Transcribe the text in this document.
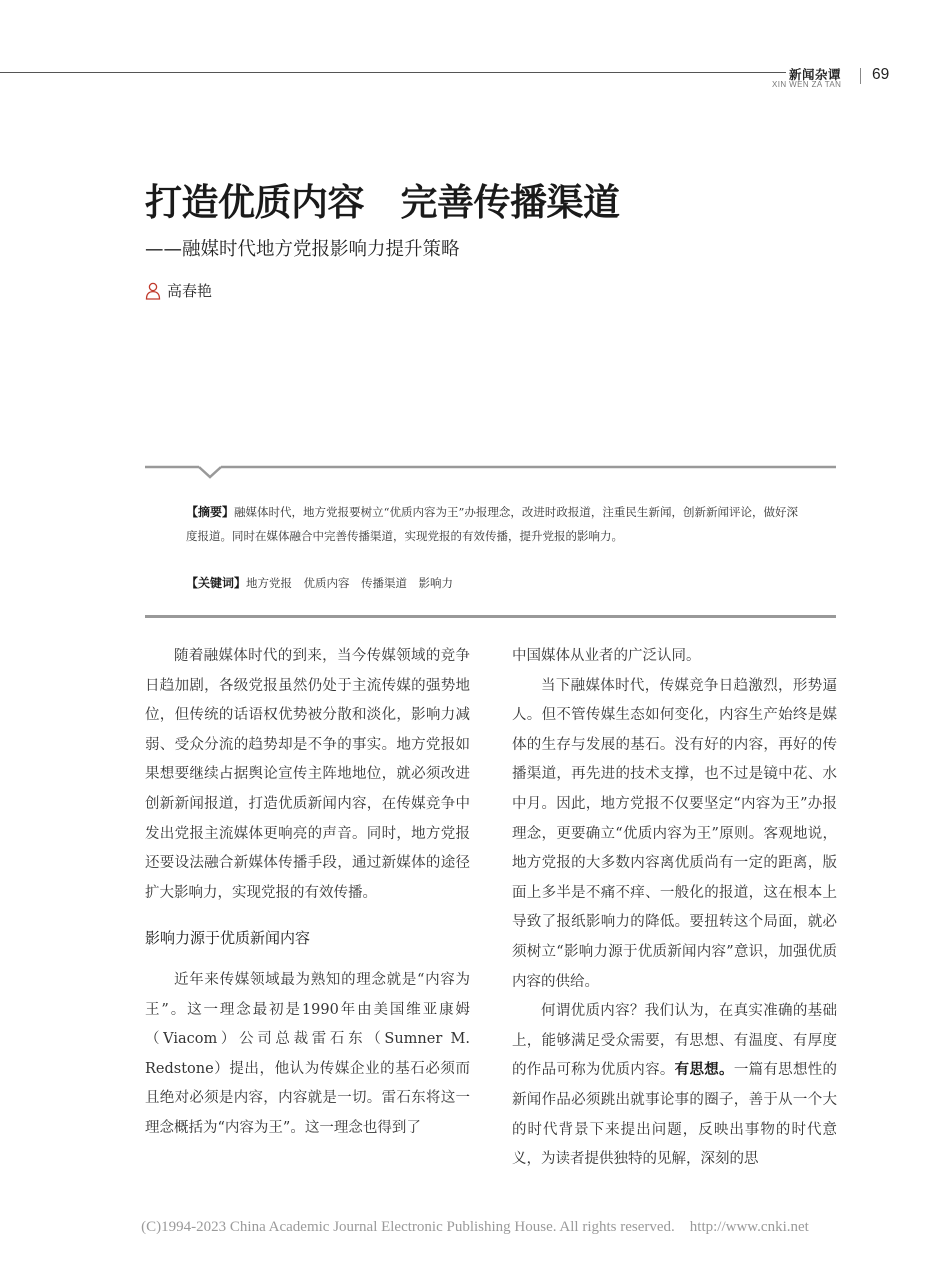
新闻杂谭
XIN WEN ZA TAN
69
打造优质内容　完善传播渠道
——融媒时代地方党报影响力提升策略
高春艳
【摘要】融媒体时代，地方党报要树立“优质内容为王”办报理念，改进时政报道，注重民生新闻，创新新闻评论，做好深度报道。同时在媒体融合中完善传播渠道，实现党报的有效传播，提升党报的影响力。
【关键词】地方党报　优质内容　传播渠道　影响力

随着融媒体时代的到来，当今传媒领域的竞争日趋加剧，各级党报虽然仍处于主流传媒的强势地位，但传统的话语权优势被分散和淡化，影响力减弱、受众分流的趋势却是不争的事实。地方党报如果想要继续占据舆论宣传主阵地地位，就必须改进创新新闻报道，打造优质新闻内容，在传媒竞争中发出党报主流媒体更响亮的声音。同时，地方党报还要设法融合新媒体传播手段，通过新媒体的途径扩大影响力，实现党报的有效传播。

影响力源于优质新闻内容

近年来传媒领域最为熟知的理念就是“内容为王”。这一理念最初是1990年由美国维亚康姆（Viacom）公司总裁雷石东（Sumner M. Redstone）提出，他认为传媒企业的基石必须而且绝对必须是内容，内容就是一切。雷石东将这一理念概括为“内容为王”。这一理念也得到了

中国媒体从业者的广泛认同。

当下融媒体时代，传媒竞争日趋激烈，形势逼人。但不管传媒生态如何变化，内容生产始终是媒体的生存与发展的基石。没有好的内容，再好的传播渠道，再先进的技术支撑，也不过是镜中花、水中月。因此，地方党报不仅要坚定“内容为王”办报理念，更要确立“优质内容为王”原则。客观地说，地方党报的大多数内容离优质尚有一定的距离，版面上多半是不痛不痒、一般化的报道，这在根本上导致了报纸影响力的降低。要扭转这个局面，就必须树立“影响力源于优质新闻内容”意识，加强优质内容的供给。

何谓优质内容？我们认为，在真实准确的基础上，能够满足受众需要，有思想、有温度、有厚度的作品可称为优质内容。有思想。一篇有思想性的新闻作品必须跳出就事论事的圈子，善于从一个大的时代背景下来提出问题，反映出事物的时代意义，为读者提供独特的见解，深刻的思

(C)1994-2023 China Academic Journal Electronic Publishing House. All rights reserved.    http://www.cnki.net
